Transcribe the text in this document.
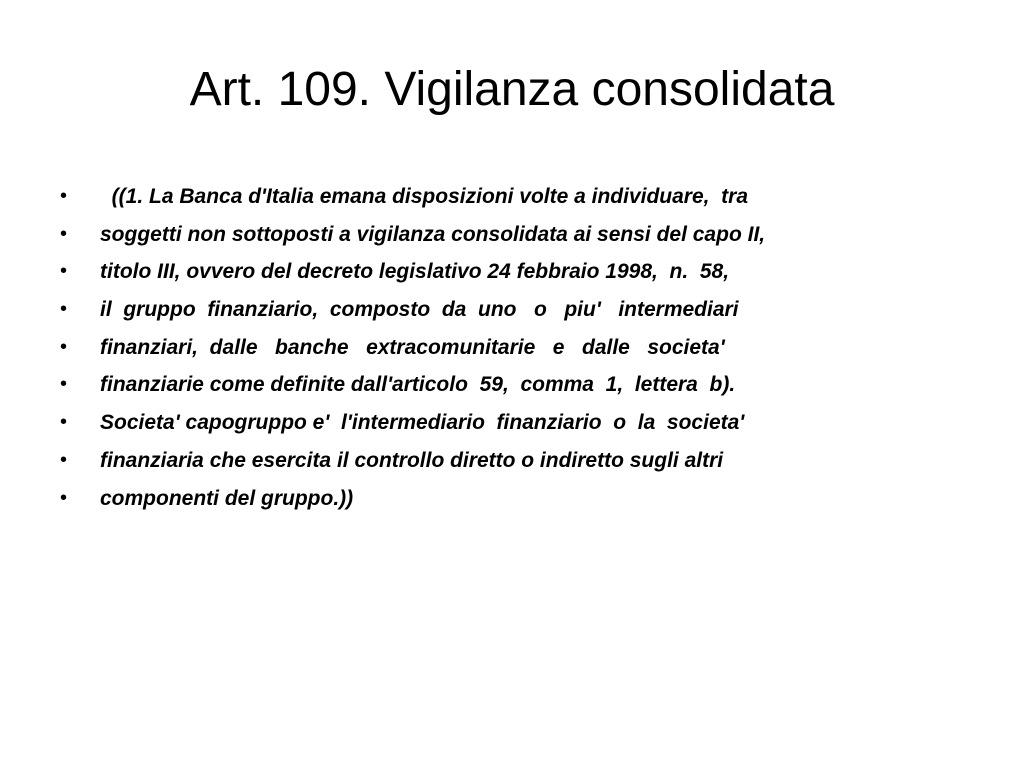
Art. 109. Vigilanza consolidata

•

((1. La Banca d'Italia emana disposizioni volte a individuare,  tra

•

soggetti non sottoposti a vigilanza consolidata ai sensi del capo II,

•

titolo III, ovvero del decreto legislativo 24 febbraio 1998,  n.  58,

•

il  gruppo  finanziario,  composto  da  uno   o   piu'   intermediari

•

finanziari,  dalle   banche   extracomunitarie   e   dalle   societa'

•

finanziarie come definite dall'articolo  59,  comma  1,  lettera  b).

•

Societa' capogruppo e'  l'intermediario  finanziario  o  la  societa'

•

finanziaria che esercita il controllo diretto o indiretto sugli altri

•

componenti del gruppo.))
